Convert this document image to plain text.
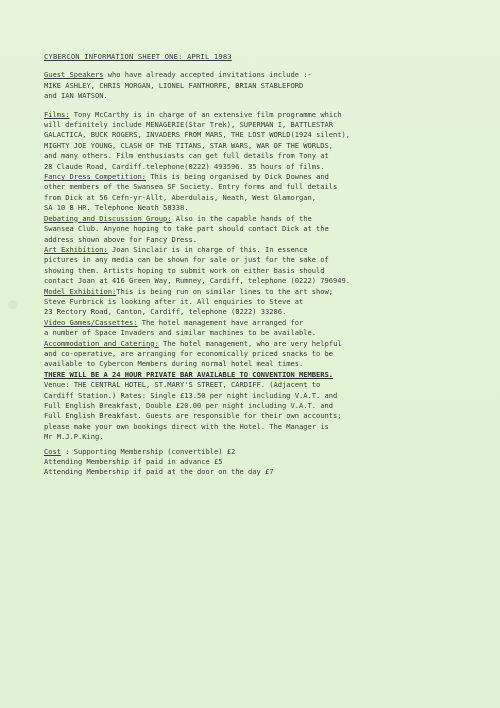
CYBERCON INFORMATION SHEET ONE: APRIL 1983
Guest Speakers who have already accepted invitations include :-
MIKE ASHLEY, CHRIS MORGAN, LIONEL FANTHORPE, BRIAN STABLEFORD
and IAN WATSON.
Films: Tony McCarthy is in charge of an extensive film programme which
will definitely include MENAGERIE(Star Trek), SUPERMAN I, BATTLESTAR
GALACTICA, BUCK ROGERS, INVADERS FROM MARS, THE LOST WORLD(1924 silent),
MIGHTY JOE YOUNG, CLASH OF THE TITANS, STAR WARS, WAR OF THE WORLDS,
and many others. Film enthusiasts can get full details from Tony at
28 Claude Road, Cardiff.telephone(0222) 493596. 35 hours of films.
Fancy Dress Competition: This is being organised by Dick Downes and
other members of the Swansea SF Society. Entry forms and full details
from Dick at 56 Cefn-yr-Allt, Aberdulais, Neath, West Glamorgan,
SA 10 8 HR. Telephone Neath 58338.
Debating and Discussion Group: Also in the capable hands of the
Swansea Club. Anyone hoping to take part should contact Dick at the
address shown above for Fancy Dress.
Art Exhibition: Joan Sinclair is in charge of this. In essence
pictures in any media can be shown for sale or just for the sake of
showing them. Artists hoping to submit work on either basis should
contact Joan at 416 Green Way, Rumney, Cardiff, telephone (0222) 796949.
Model Exhibition:This is being run on similar lines to the art show;
Steve Furbrick is looking after it. All enquiries to Steve at
23 Rectory Road, Canton, Cardiff, telephone (0222) 33286.
Video Games/Cassettes: The hotel management have arranged for
a number of Space Invaders and similar machines to be available.
Accommodation and Catering: The hotel management, who are very helpful
and co-operative, are arranging for economically priced snacks to be
available to Cybercon Members during normal hotel meal times.
THERE WILL BE A 24 HOUR PRIVATE BAR AVAILABLE TO CONVENTION MEMBERS.
Venue: THE CENTRAL HOTEL, ST.MARY'S STREET, CARDIFF. (Adjacent to
Cardiff Station.) Rates: Single £13.50 per night including V.A.T. and
Full English Breakfast, Double £20.00 per night including V.A.T. and
Full English Breakfast. Guests are responsible for their own accounts;
please make your own bookings direct with the Hotel. The Manager is
Mr M.J.P.King.
Cost : Supporting Membership (convertible) £2
Attending Membership if paid in advance £5
Attending Membership if paid at the door on the day £7
